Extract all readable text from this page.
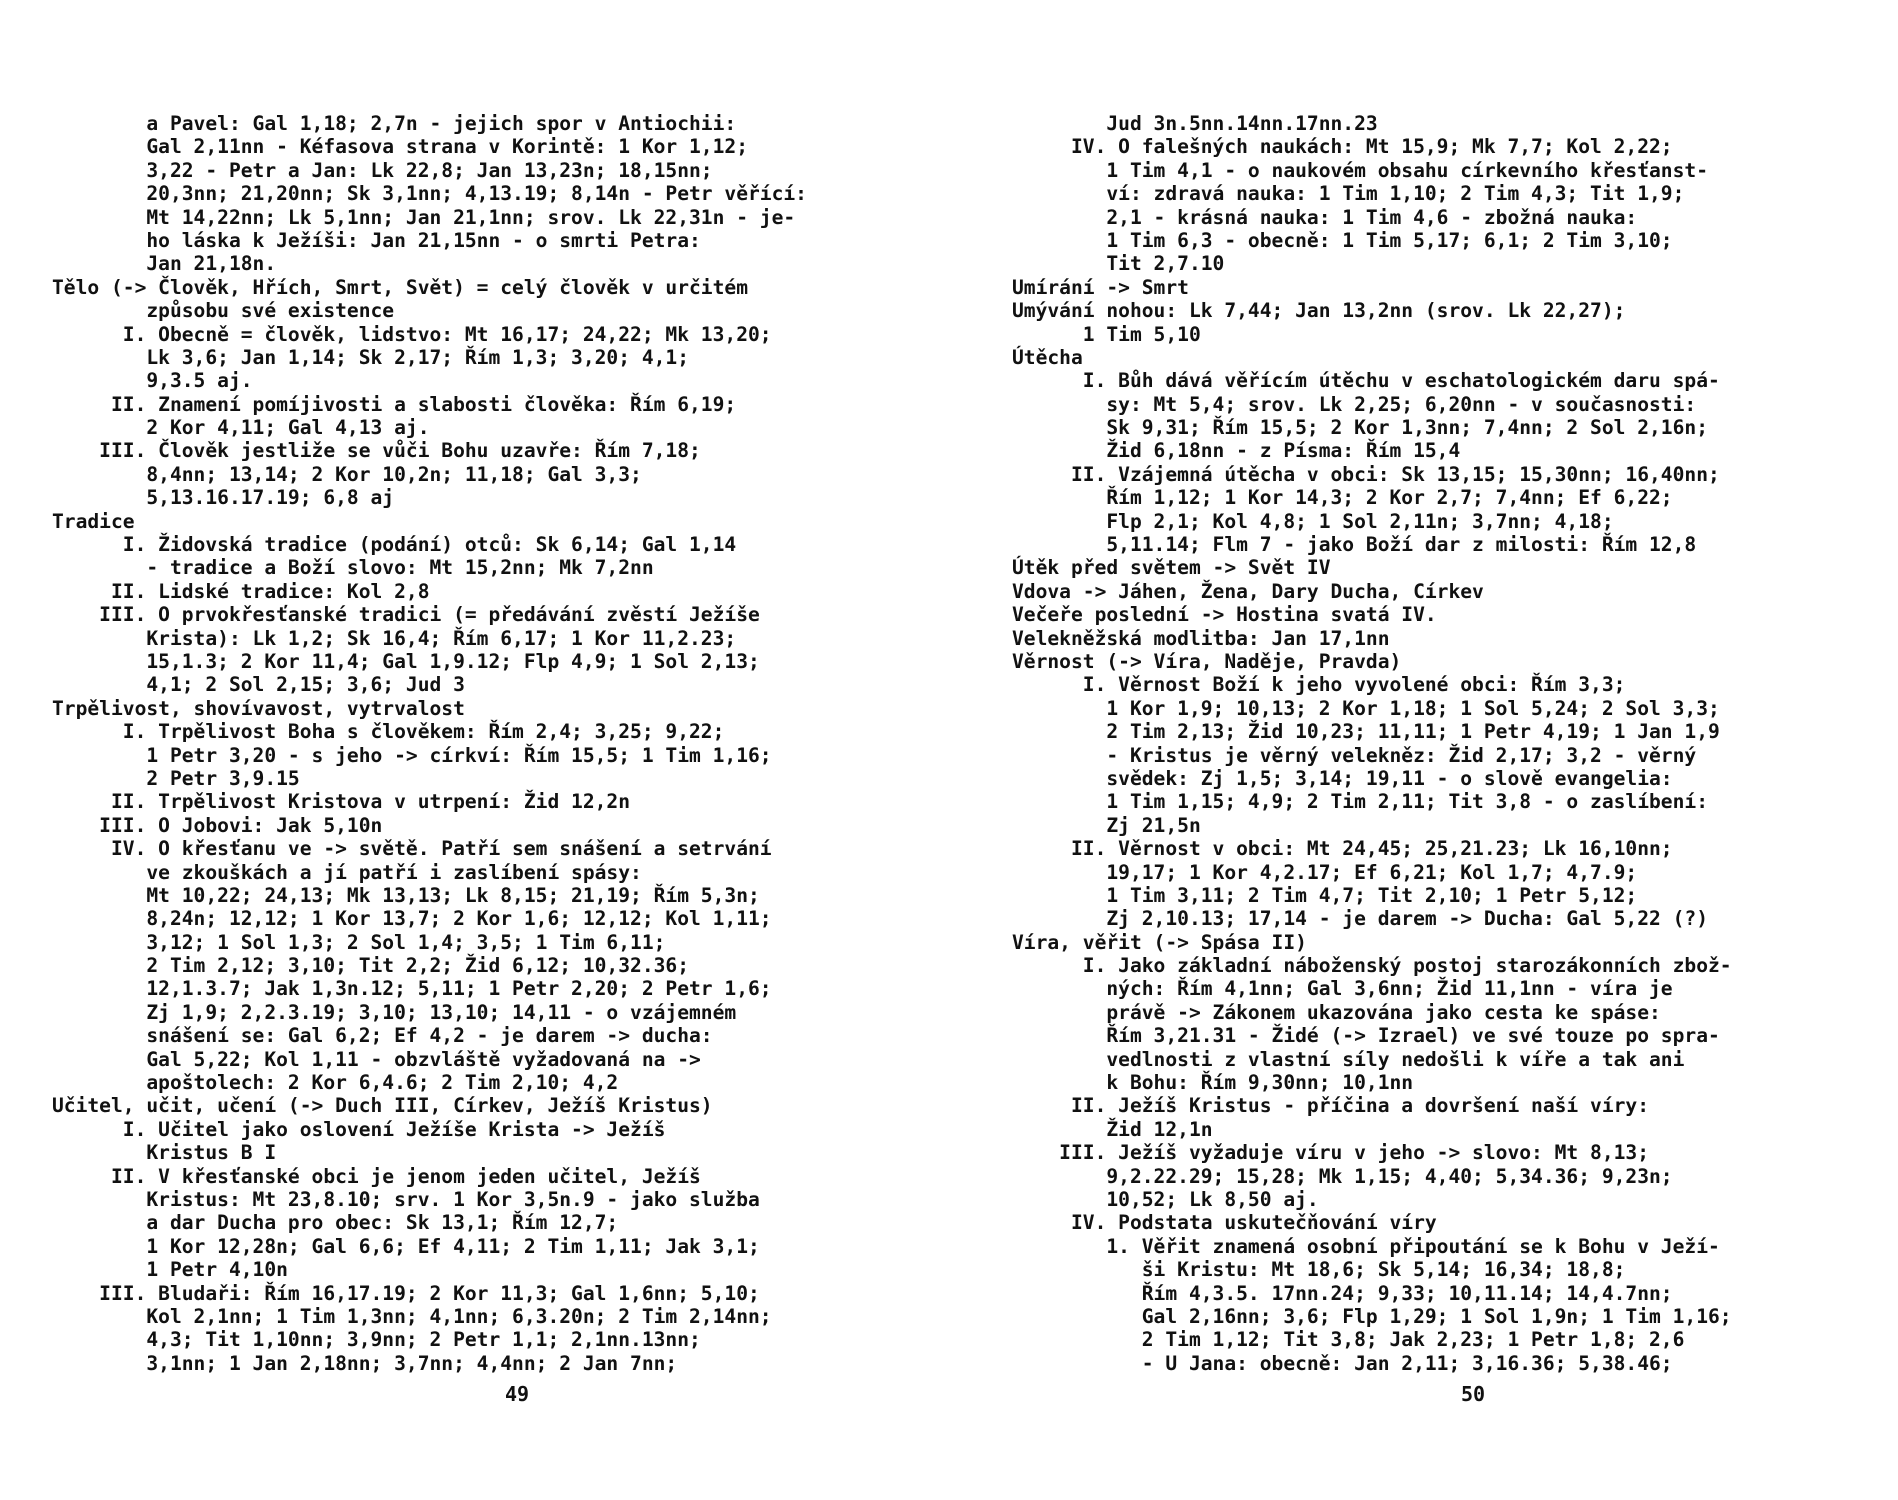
a Pavel: Gal 1,18; 2,7n - jejich spor v Antiochii:
Gal 2,11nn - Kéfasova strana v Korintě: 1 Kor 1,12;
3,22 - Petr a Jan: Lk 22,8; Jan 13,23n; 18,15nn;
20,3nn; 21,20nn; Sk 3,1nn; 4,13.19; 8,14n - Petr věřící:
Mt 14,22nn; Lk 5,1nn; Jan 21,1nn; srov. Lk 22,31n - je-
ho láska k Ježíši: Jan 21,15nn - o smrti Petra:
Jan 21,18n.
Tělo (-> Člověk, Hřích, Smrt, Svět) = celý člověk v určitém
způsobu své existence
I. Obecně = člověk, lidstvo: Mt 16,17; 24,22; Mk 13,20;
Lk 3,6; Jan 1,14; Sk 2,17; Řím 1,3; 3,20; 4,1;
9,3.5 aj.
II. Znamení pomíjivosti a slabosti člověka: Řím 6,19;
2 Kor 4,11; Gal 4,13 aj.
III. Člověk jestliže se vůči Bohu uzavře: Řím 7,18;
8,4nn; 13,14; 2 Kor 10,2n; 11,18; Gal 3,3;
5,13.16.17.19; 6,8 aj
Tradice
I. Židovská tradice (podání) otců: Sk 6,14; Gal 1,14
- tradice a Boží slovo: Mt 15,2nn; Mk 7,2nn
II. Lidské tradice: Kol 2,8
III. O prvokřesťanské tradici (= předávání zvěstí Ježíše
Krista): Lk 1,2; Sk 16,4; Řím 6,17; 1 Kor 11,2.23;
15,1.3; 2 Kor 11,4; Gal 1,9.12; Flp 4,9; 1 Sol 2,13;
4,1; 2 Sol 2,15; 3,6; Jud 3
Trpělivost, shovívavost, vytrvalost
I. Trpělivost Boha s člověkem: Řím 2,4; 3,25; 9,22;
1 Petr 3,20 - s jeho -> církví: Řím 15,5; 1 Tim 1,16;
2 Petr 3,9.15
II. Trpělivost Kristova v utrpení: Žid 12,2n
III. O Jobovi: Jak 5,10n
IV. O křesťanu ve -> světě. Patří sem snášení a setrvání
ve zkouškách a jí patří i zaslíbení spásy:
Mt 10,22; 24,13; Mk 13,13; Lk 8,15; 21,19; Řím 5,3n;
8,24n; 12,12; 1 Kor 13,7; 2 Kor 1,6; 12,12; Kol 1,11;
3,12; 1 Sol 1,3; 2 Sol 1,4; 3,5; 1 Tim 6,11;
2 Tim 2,12; 3,10; Tit 2,2; Žid 6,12; 10,32.36;
12,1.3.7; Jak 1,3n.12; 5,11; 1 Petr 2,20; 2 Petr 1,6;
Zj 1,9; 2,2.3.19; 3,10; 13,10; 14,11 - o vzájemném
snášení se: Gal 6,2; Ef 4,2 - je darem -> ducha:
Gal 5,22; Kol 1,11 - obzvláště vyžadovaná na ->
apoštolech: 2 Kor 6,4.6; 2 Tim 2,10; 4,2
Učitel, učit, učení (-> Duch III, Církev, Ježíš Kristus)
I. Učitel jako oslovení Ježíše Krista -> Ježíš
Kristus B I
II. V křesťanské obci je jenom jeden učitel, Ježíš
Kristus: Mt 23,8.10; srv. 1 Kor 3,5n.9 - jako služba
a dar Ducha pro obec: Sk 13,1; Řím 12,7;
1 Kor 12,28n; Gal 6,6; Ef 4,11; 2 Tim 1,11; Jak 3,1;
1 Petr 4,10n
III. Bludaři: Řím 16,17.19; 2 Kor 11,3; Gal 1,6nn; 5,10;
Kol 2,1nn; 1 Tim 1,3nn; 4,1nn; 6,3.20n; 2 Tim 2,14nn;
4,3; Tit 1,10nn; 3,9nn; 2 Petr 1,1; 2,1nn.13nn;
3,1nn; 1 Jan 2,18nn; 3,7nn; 4,4nn; 2 Jan 7nn;
Jud 3n.5nn.14nn.17nn.23
IV. O falešných naukách: Mt 15,9; Mk 7,7; Kol 2,22;
1 Tim 4,1 - o naukovém obsahu církevního křesťanst-
ví: zdravá nauka: 1 Tim 1,10; 2 Tim 4,3; Tit 1,9;
2,1 - krásná nauka: 1 Tim 4,6 - zbožná nauka:
1 Tim 6,3 - obecně: 1 Tim 5,17; 6,1; 2 Tim 3,10;
Tit 2,7.10
Umírání -> Smrt
Umývání nohou: Lk 7,44; Jan 13,2nn (srov. Lk 22,27);
1 Tim 5,10
Útěcha
I. Bůh dává věřícím útěchu v eschatologickém daru spá-
sy: Mt 5,4; srov. Lk 2,25; 6,20nn - v současnosti:
Sk 9,31; Řím 15,5; 2 Kor 1,3nn; 7,4nn; 2 Sol 2,16n;
Žid 6,18nn - z Písma: Řím 15,4
II. Vzájemná útěcha v obci: Sk 13,15; 15,30nn; 16,40nn;
Řím 1,12; 1 Kor 14,3; 2 Kor 2,7; 7,4nn; Ef 6,22;
Flp 2,1; Kol 4,8; 1 Sol 2,11n; 3,7nn; 4,18;
5,11.14; Flm 7 - jako Boží dar z milosti: Řím 12,8
Útěk před světem -> Svět IV
Vdova -> Jáhen, Žena, Dary Ducha, Církev
Večeře poslední -> Hostina svatá IV.
Velekněžská modlitba: Jan 17,1nn
Věrnost (-> Víra, Naděje, Pravda)
I. Věrnost Boží k jeho vyvolené obci: Řím 3,3;
1 Kor 1,9; 10,13; 2 Kor 1,18; 1 Sol 5,24; 2 Sol 3,3;
2 Tim 2,13; Žid 10,23; 11,11; 1 Petr 4,19; 1 Jan 1,9
- Kristus je věrný velekněz: Žid 2,17; 3,2 - věrný
svědek: Zj 1,5; 3,14; 19,11 - o slově evangelia:
1 Tim 1,15; 4,9; 2 Tim 2,11; Tit 3,8 - o zaslíbení:
Zj 21,5n
II. Věrnost v obci: Mt 24,45; 25,21.23; Lk 16,10nn;
19,17; 1 Kor 4,2.17; Ef 6,21; Kol 1,7; 4,7.9;
1 Tim 3,11; 2 Tim 4,7; Tit 2,10; 1 Petr 5,12;
Zj 2,10.13; 17,14 - je darem -> Ducha: Gal 5,22 (?)
Víra, věřit (-> Spása II)
I. Jako základní náboženský postoj starozákonních zbož-
ných: Řím 4,1nn; Gal 3,6nn; Žid 11,1nn - víra je
právě -> Zákonem ukazována jako cesta ke spáse:
Řím 3,21.31 - Židé (-> Izrael) ve své touze po spra-
vedlnosti z vlastní síly nedošli k víře a tak ani
k Bohu: Řím 9,30nn; 10,1nn
II. Ježíš Kristus - příčina a dovršení naší víry:
Žid 12,1n
III. Ježíš vyžaduje víru v jeho -> slovo: Mt 8,13;
9,2.22.29; 15,28; Mk 1,15; 4,40; 5,34.36; 9,23n;
10,52; Lk 8,50 aj.
IV. Podstata uskutečňování víry
1. Věřit znamená osobní připoutání se k Bohu v Ježí-
ši Kristu: Mt 18,6; Sk 5,14; 16,34; 18,8;
Řím 4,3.5. 17nn.24; 9,33; 10,11.14; 14,4.7nn;
Gal 2,16nn; 3,6; Flp 1,29; 1 Sol 1,9n; 1 Tim 1,16;
2 Tim 1,12; Tit 3,8; Jak 2,23; 1 Petr 1,8; 2,6
- U Jana: obecně: Jan 2,11; 3,16.36; 5,38.46;
49	50
